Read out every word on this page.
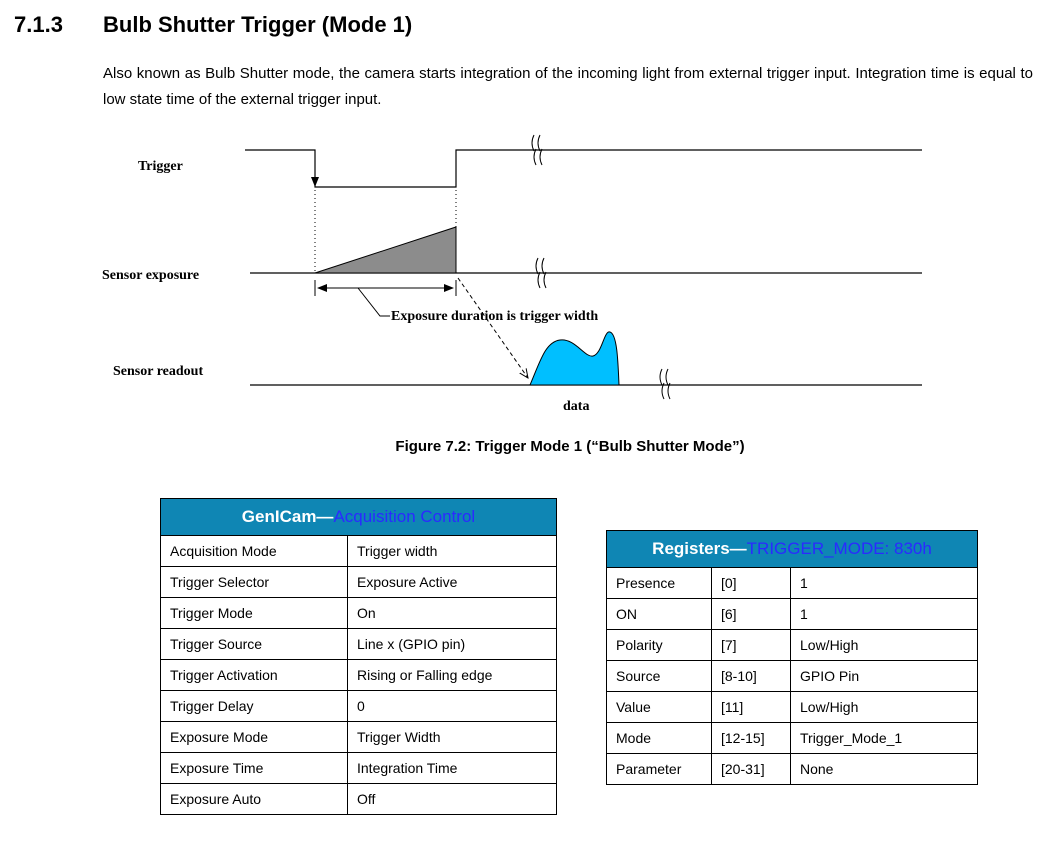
7.1.3 Bulb Shutter Trigger (Mode 1)
Also known as Bulb Shutter mode, the camera starts integration of the incoming light from external trigger input. Integration time is equal to low state time of the external trigger input.
Trigger
Sensor exposure
Exposure duration is trigger width
Sensor readout
data
Figure 7.2: Trigger Mode 1 (“Bulb Shutter Mode”)
GenICam—Acquisition Control	
Acquisition Mode	Trigger width
Trigger Selector	Exposure Active
Trigger Mode	On
Trigger Source	Line x (GPIO pin)
Trigger Activation	Rising or Falling edge
Trigger Delay	0
Exposure Mode	Trigger Width
Exposure Time	Integration Time
Exposure Auto	Off
Registers—TRIGGER_MODE: 830h		
Presence	[0]	1
ON	[6]	1
Polarity	[7]	Low/High
Source	[8-10]	GPIO Pin
Value	[11]	Low/High
Mode	[12-15]	Trigger_Mode_1
Parameter	[20-31]	None
